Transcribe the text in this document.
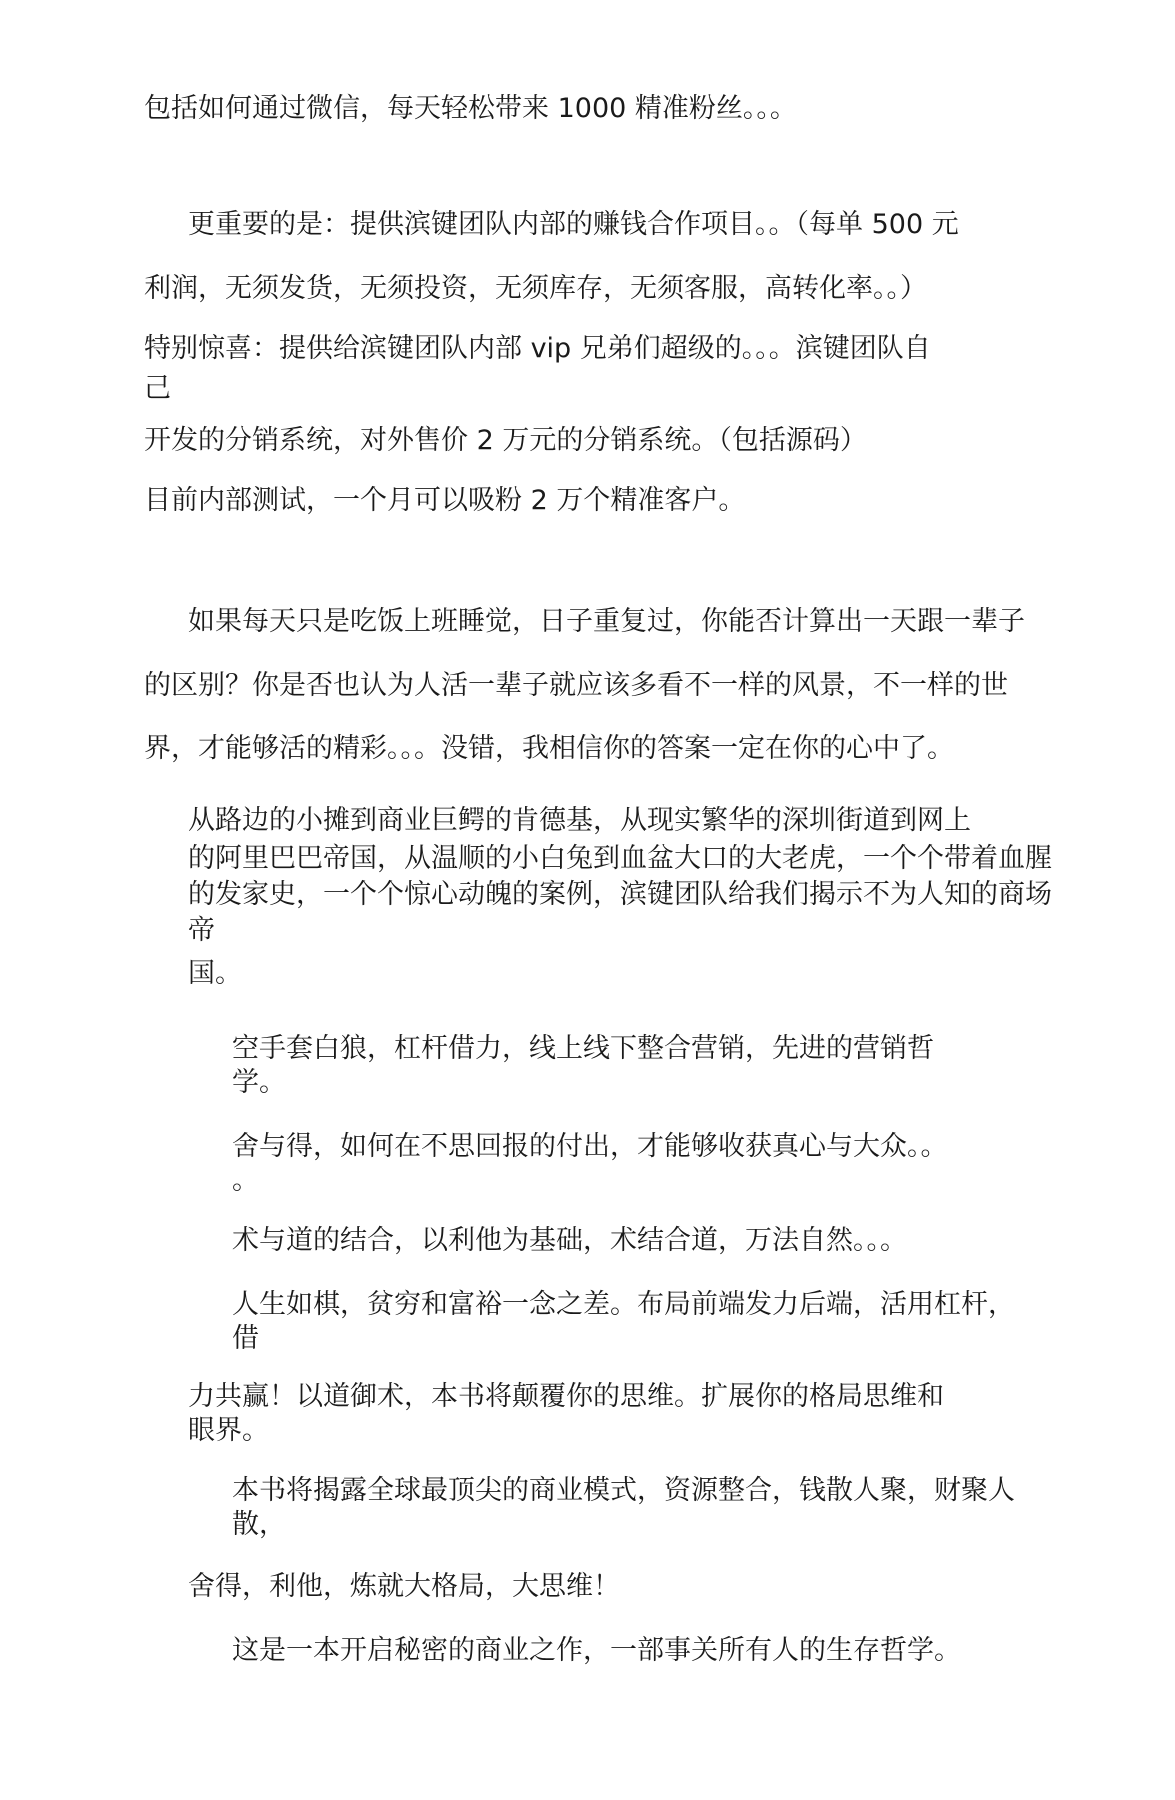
包括如何通过微信，每天轻松带来 1000 精准粉丝。。。

更重要的是：提供滨键团队内部的赚钱合作项目。。（每单 500 元

利润，无须发货，无须投资，无须库存，无须客服，高转化率。。）

特别惊喜：提供给滨键团队内部 vip 兄弟们超级的。。。滨键团队自

己

开发的分销系统，对外售价 2 万元的分销系统。（包括源码）

目前内部测试，一个月可以吸粉 2 万个精准客户。

如果每天只是吃饭上班睡觉，日子重复过，你能否计算出一天跟一辈子

的区别？你是否也认为人活一辈子就应该多看不一样的风景，不一样的世

界，才能够活的精彩。。。没错，我相信你的答案一定在你的心中了。

从路边的小摊到商业巨鳄的肯德基，从现实繁华的深圳街道到网上

的阿里巴巴帝国，从温顺的小白兔到血盆大口的大老虎，一个个带着血腥

的发家史，一个个惊心动魄的案例，滨键团队给我们揭示不为人知的商场

帝

国。

空手套白狼，杠杆借力，线上线下整合营销，先进的营销哲

学。

舍与得，如何在不思回报的付出，才能够收获真心与大众。。

。

术与道的结合，以利他为基础，术结合道，万法自然。。。

人生如棋，贫穷和富裕一念之差。布局前端发力后端，活用杠杆，

借

力共赢！以道御术，本书将颠覆你的思维。扩展你的格局思维和

眼界。

本书将揭露全球最顶尖的商业模式，资源整合，钱散人聚，财聚人

散，

舍得，利他，炼就大格局，大思维！

这是一本开启秘密的商业之作，一部事关所有人的生存哲学。
